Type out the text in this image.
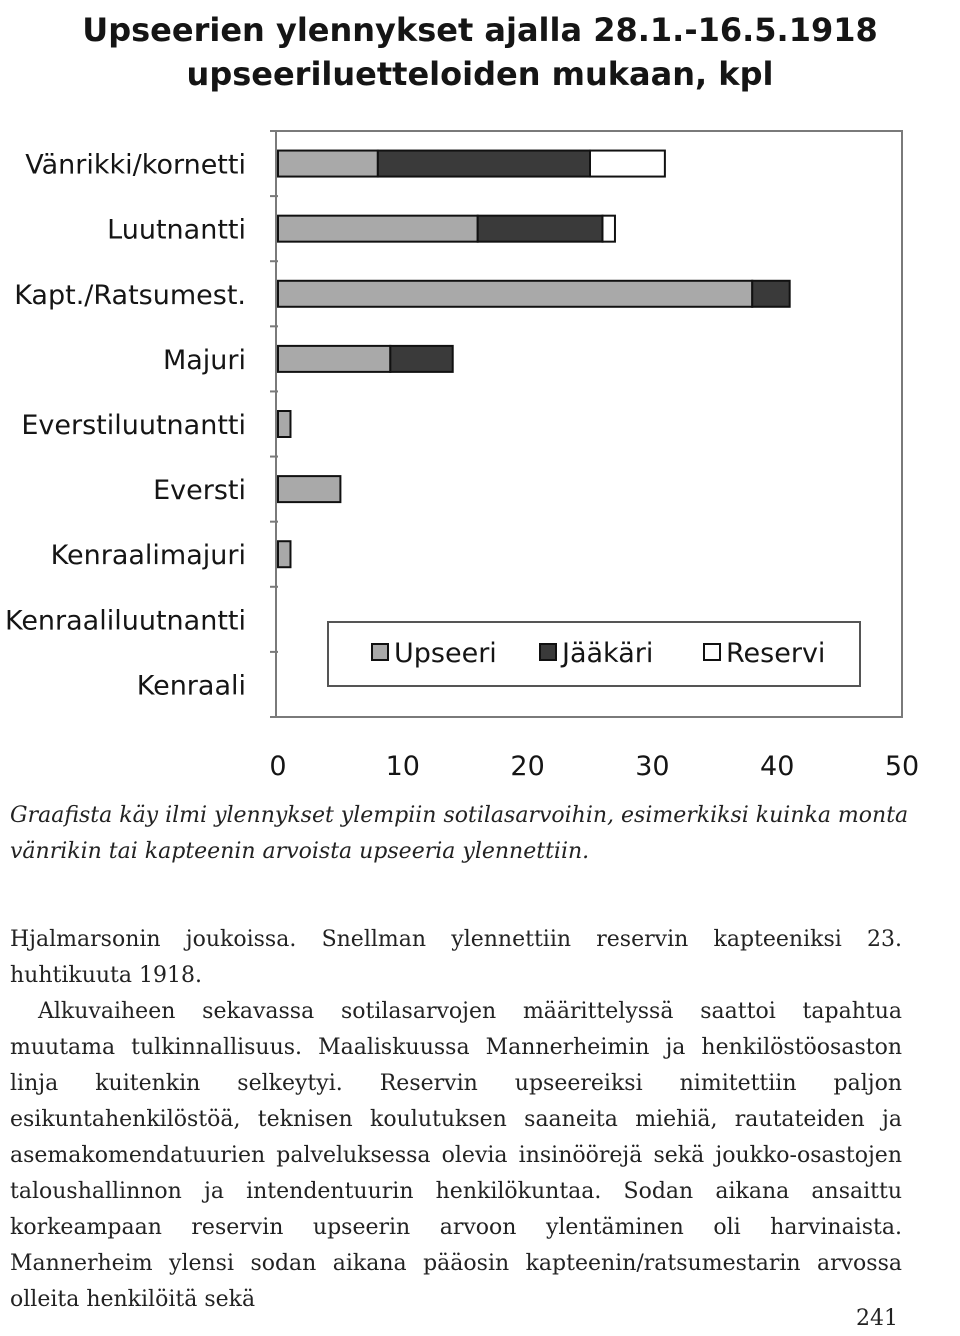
Upseerien ylennykset ajalla 28.1.-16.5.1918
upseeriluetteloiden mukaan, kpl
Vänrikki/kornetti
Luutnantti
Kapt./Ratsumest.
Majuri
Everstiluutnantti
Eversti
Kenraalimajuri
Kenraaliluutnantti
Kenraali
0	10	20	30	40	50
Upseeri Jääkäri	Reservi

Graafista käy ilmi ylennykset ylempiin sotilasarvoihin, esimerkiksi kuinka monta vänrikin tai kapteenin arvoista upseeria ylennettiin.

Hjalmarsonin joukoissa. Snellman ylennettiin reservin kapteeniksi 23. huhtikuuta 1918.

Alkuvaiheen sekavassa sotilasarvojen määrittelyssä saattoi tapahtua muutama tulkinnallisuus. Maaliskuussa Mannerheimin ja henkilöstöosaston linja kuitenkin selkeytyi. Reservin upseereiksi nimitettiin paljon esikuntahenkilöstöä, teknisen koulutuksen saaneita miehiä, rautateiden ja asemakomendatuurien palveluksessa olevia insinöörejä sekä joukko-osastojen taloushallinnon ja intendentuurin henkilökuntaa. Sodan aikana ansaittu korkeampaan reservin upseerin arvoon ylentäminen oli harvinaista. Mannerheim ylensi sodan aikana pääosin kapteenin/ratsumestarin arvossa olleita henkilöitä sekä

241
